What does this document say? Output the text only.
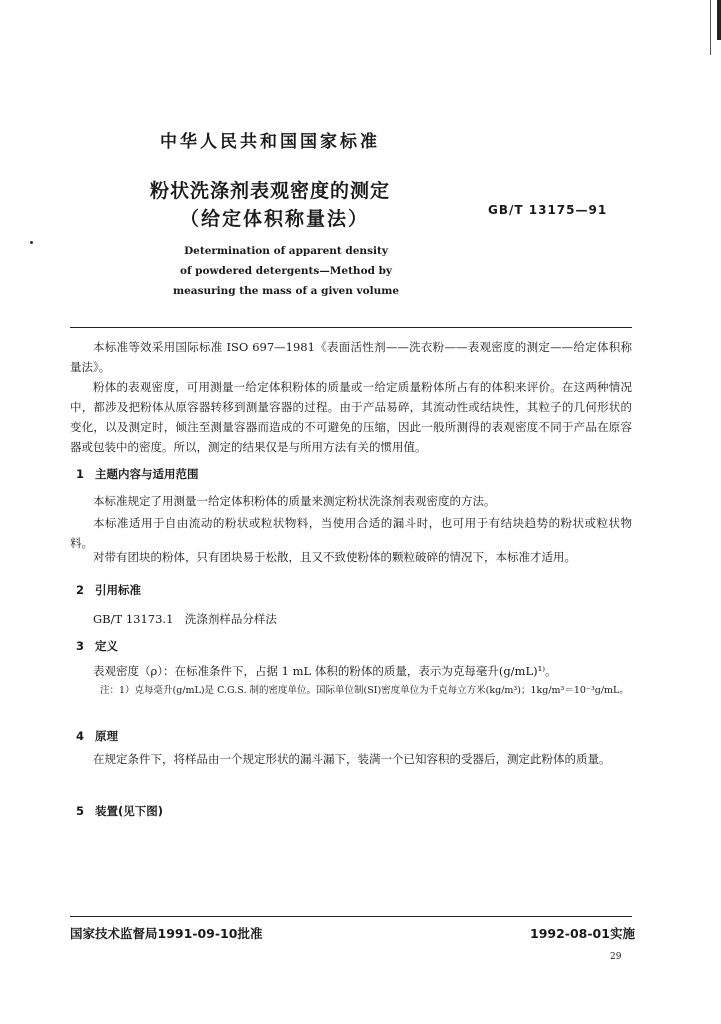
中华人民共和国国家标准
粉状洗涤剂表观密度的测定
（给定体积称量法）	GB/T 13175—91
Determination of apparent density
of powdered detergents—Method by
measuring the mass of a given volume
本标准等效采用国际标准 ISO 697—1981《表面活性剂——洗衣粉——表观密度的测定——给定体积称量法》。
粉体的表观密度，可用测量一给定体积粉体的质量或一给定质量粉体所占有的体积来评价。在这两种情况中，都涉及把粉体从原容器转移到测量容器的过程。由于产品易碎，其流动性或结块性，其粒子的几何形状的变化，以及测定时，倾注至测量容器而造成的不可避免的压缩，因此一般所测得的表观密度不同于产品在原容器或包装中的密度。所以，测定的结果仅是与所用方法有关的惯用值。
1 主题内容与适用范围
本标准规定了用测量一给定体积粉体的质量来测定粉状洗涤剂表观密度的方法。
本标准适用于自由流动的粉状或粒状物料，当使用合适的漏斗时，也可用于有结块趋势的粉状或粒状物料。
对带有团块的粉体，只有团块易于松散，且又不致使粉体的颗粒破碎的情况下，本标准才适用。
2 引用标准
GB/T 13173.1　洗涤剂样品分样法
3 定义
表观密度（ρ）：在标准条件下，占据 1 mL 体积的粉体的质量，表示为克每毫升(g/mL)¹⁾。
注：1）克每毫升(g/mL)是 C.G.S. 制的密度单位。国际单位制(SI)密度单位为千克每立方米(kg/m³)；1kg/m³＝10⁻³g/mL。
4 原理
在规定条件下，将样品由一个规定形状的漏斗漏下，装满一个已知容积的受器后，测定此粉体的质量。
5 装置(见下图)
国家技术监督局1991-09-10批准	1992-08-01实施
29
